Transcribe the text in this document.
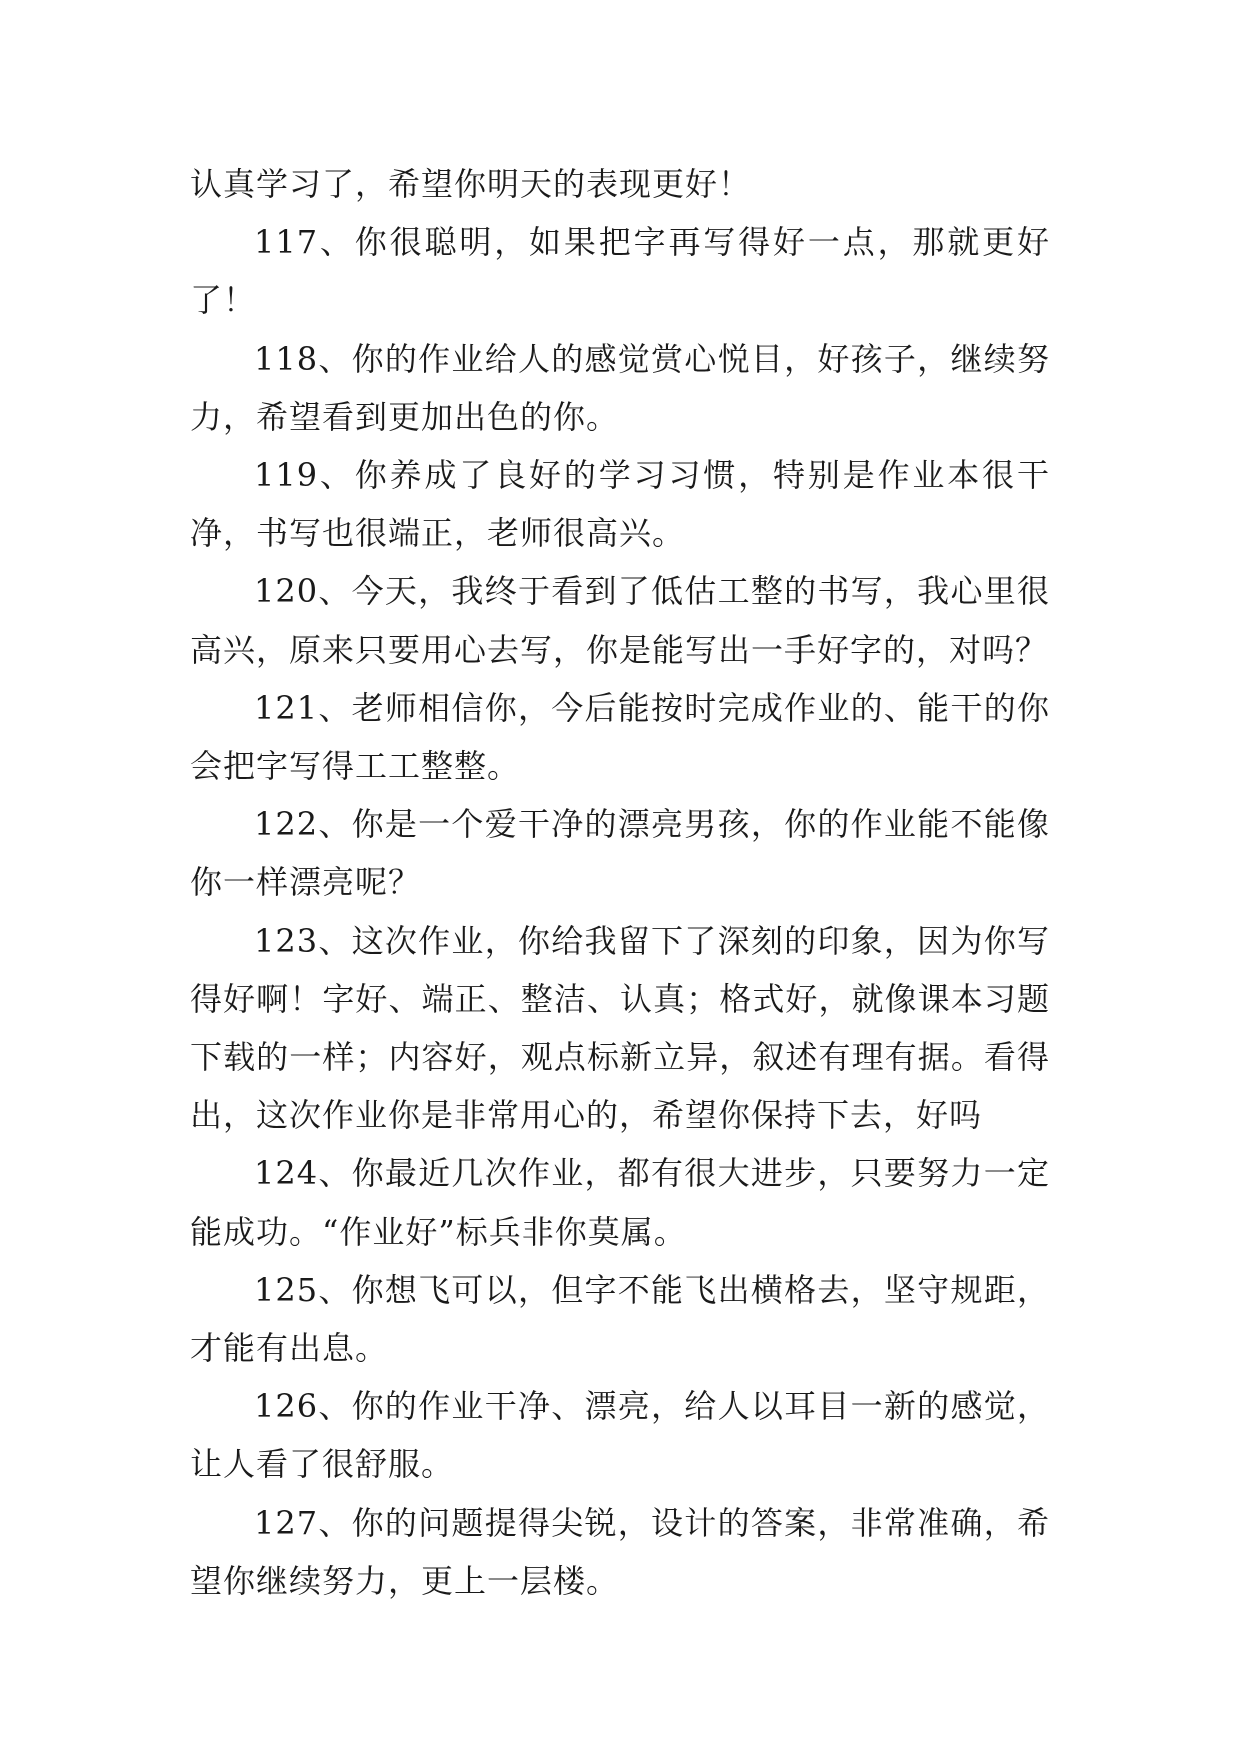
认真学习了，希望你明天的表现更好！

117、你很聪明，如果把字再写得好一点，那就更好了！

118、你的作业给人的感觉赏心悦目，好孩子，继续努力，希望看到更加出色的你。

119、你养成了良好的学习习惯，特别是作业本很干净，书写也很端正，老师很高兴。

120、今天，我终于看到了低估工整的书写，我心里很高兴，原来只要用心去写，你是能写出一手好字的，对吗？

121、老师相信你，今后能按时完成作业的、能干的你会把字写得工工整整。

122、你是一个爱干净的漂亮男孩，你的作业能不能像你一样漂亮呢？

123、这次作业，你给我留下了深刻的印象，因为你写得好啊！字好、端正、整洁、认真；格式好，就像课本习题下载的一样；内容好，观点标新立异，叙述有理有据。看得出，这次作业你是非常用心的，希望你保持下去，好吗

124、你最近几次作业，都有很大进步，只要努力一定能成功。“作业好”标兵非你莫属。

125、你想飞可以，但字不能飞出横格去，坚守规距，才能有出息。

126、你的作业干净、漂亮，给人以耳目一新的感觉，让人看了很舒服。

127、你的问题提得尖锐，设计的答案，非常准确，希望你继续努力，更上一层楼。
